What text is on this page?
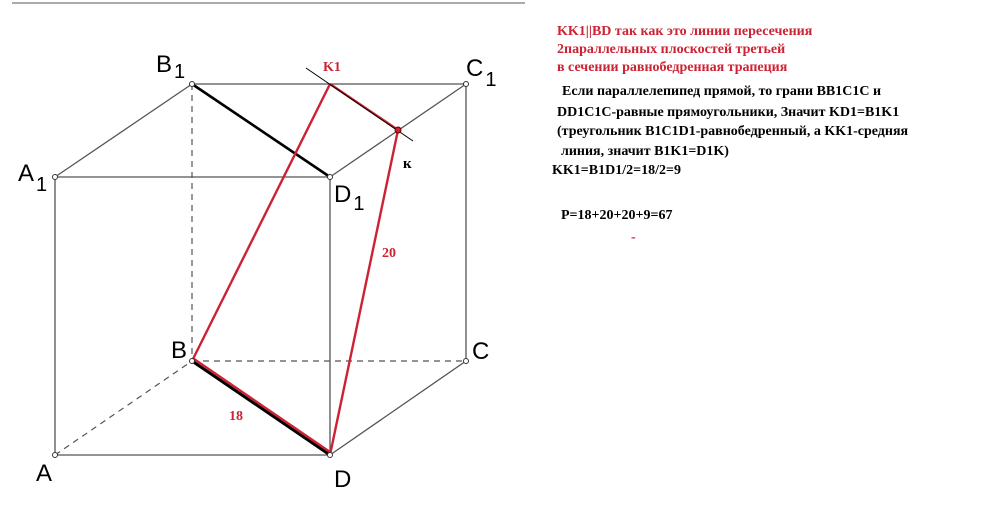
B $_1$	C $_1$
A $_1$	D $_1$
B	C
A	D
K1
к
20
18
KK1||BD так как это линии пересечения
2параллельных плоскостей третьей
в сечении равнобедренная трапеция
Если параллелепипед прямой, то грани BB1C1C и
DD1C1C-равные прямоугольники, Значит KD1=B1K1
(треугольник B1C1D1-равнобедренный, а KK1-средняя
линия, значит B1K1=D1K)
KK1=B1D1/2=18/2=9
P=18+20+20+9=67
-
